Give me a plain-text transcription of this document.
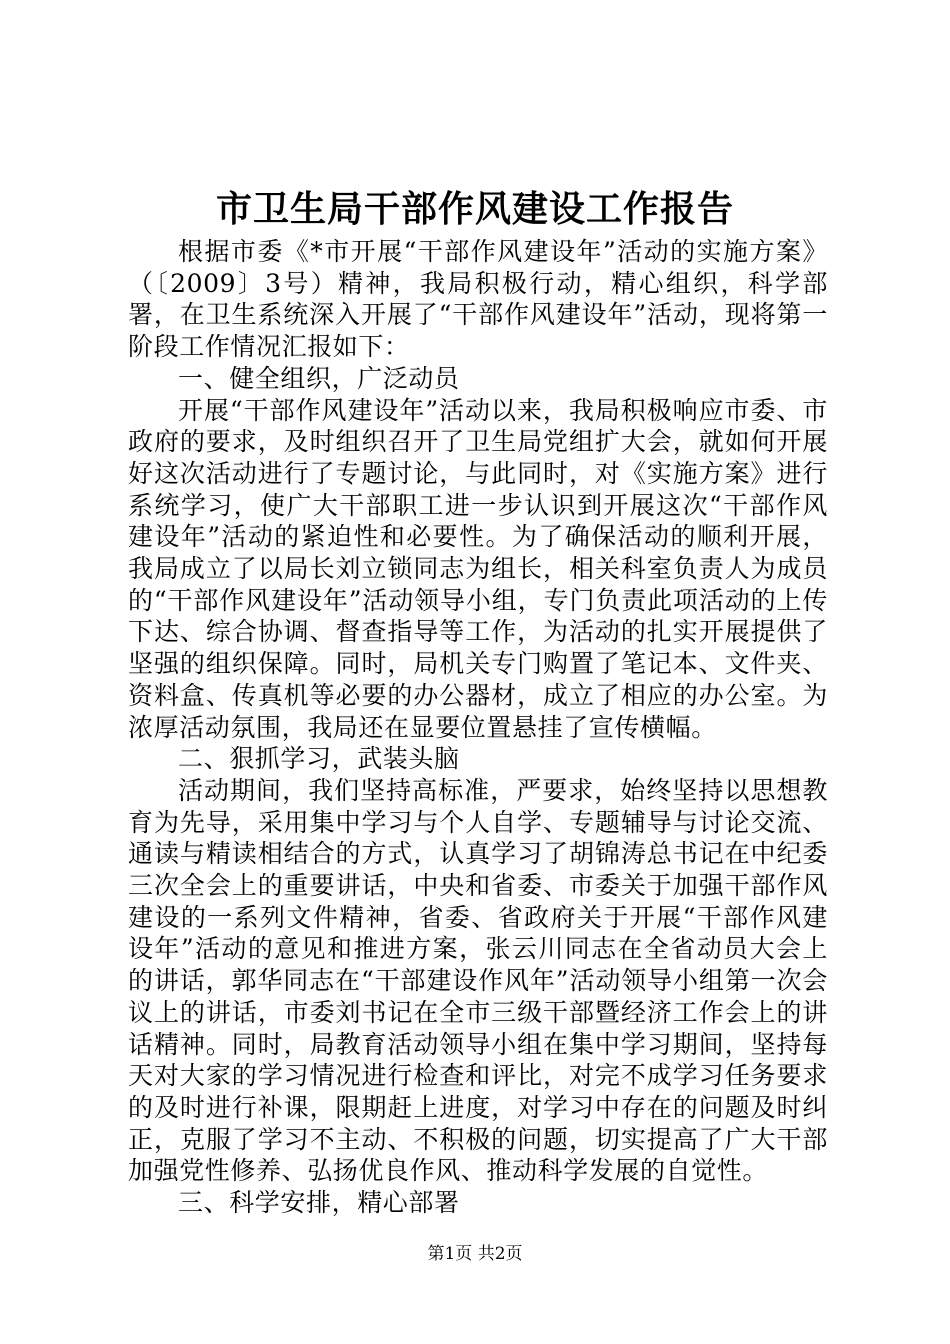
市卫生局干部作风建设工作报告

根据市委《*市开展“干部作风建设年”活动的实施方案》（〔2009〕3号）精神，我局积极行动，精心组织，科学部署，在卫生系统深入开展了“干部作风建设年”活动，现将第一阶段工作情况汇报如下：

一、健全组织，广泛动员

开展“干部作风建设年”活动以来，我局积极响应市委、市政府的要求，及时组织召开了卫生局党组扩大会，就如何开展好这次活动进行了专题讨论，与此同时，对《实施方案》进行系统学习，使广大干部职工进一步认识到开展这次“干部作风建设年”活动的紧迫性和必要性。为了确保活动的顺利开展，我局成立了以局长刘立锁同志为组长，相关科室负责人为成员的“干部作风建设年”活动领导小组，专门负责此项活动的上传下达、综合协调、督查指导等工作，为活动的扎实开展提供了坚强的组织保障。同时，局机关专门购置了笔记本、文件夹、资料盒、传真机等必要的办公器材，成立了相应的办公室。为浓厚活动氛围，我局还在显要位置悬挂了宣传横幅。

二、狠抓学习，武装头脑

活动期间，我们坚持高标准，严要求，始终坚持以思想教育为先导，采用集中学习与个人自学、专题辅导与讨论交流、通读与精读相结合的方式，认真学习了胡锦涛总书记在中纪委三次全会上的重要讲话，中央和省委、市委关于加强干部作风建设的一系列文件精神，省委、省政府关于开展“干部作风建设年”活动的意见和推进方案，张云川同志在全省动员大会上的讲话，郭华同志在“干部建设作风年”活动领导小组第一次会议上的讲话，市委刘书记在全市三级干部暨经济工作会上的讲话精神。同时，局教育活动领导小组在集中学习期间，坚持每天对大家的学习情况进行检查和评比，对完不成学习任务要求的及时进行补课，限期赶上进度，对学习中存在的问题及时纠正，克服了学习不主动、不积极的问题，切实提高了广大干部加强党性修养、弘扬优良作风、推动科学发展的自觉性。

三、科学安排，精心部署

第1页 共2页
